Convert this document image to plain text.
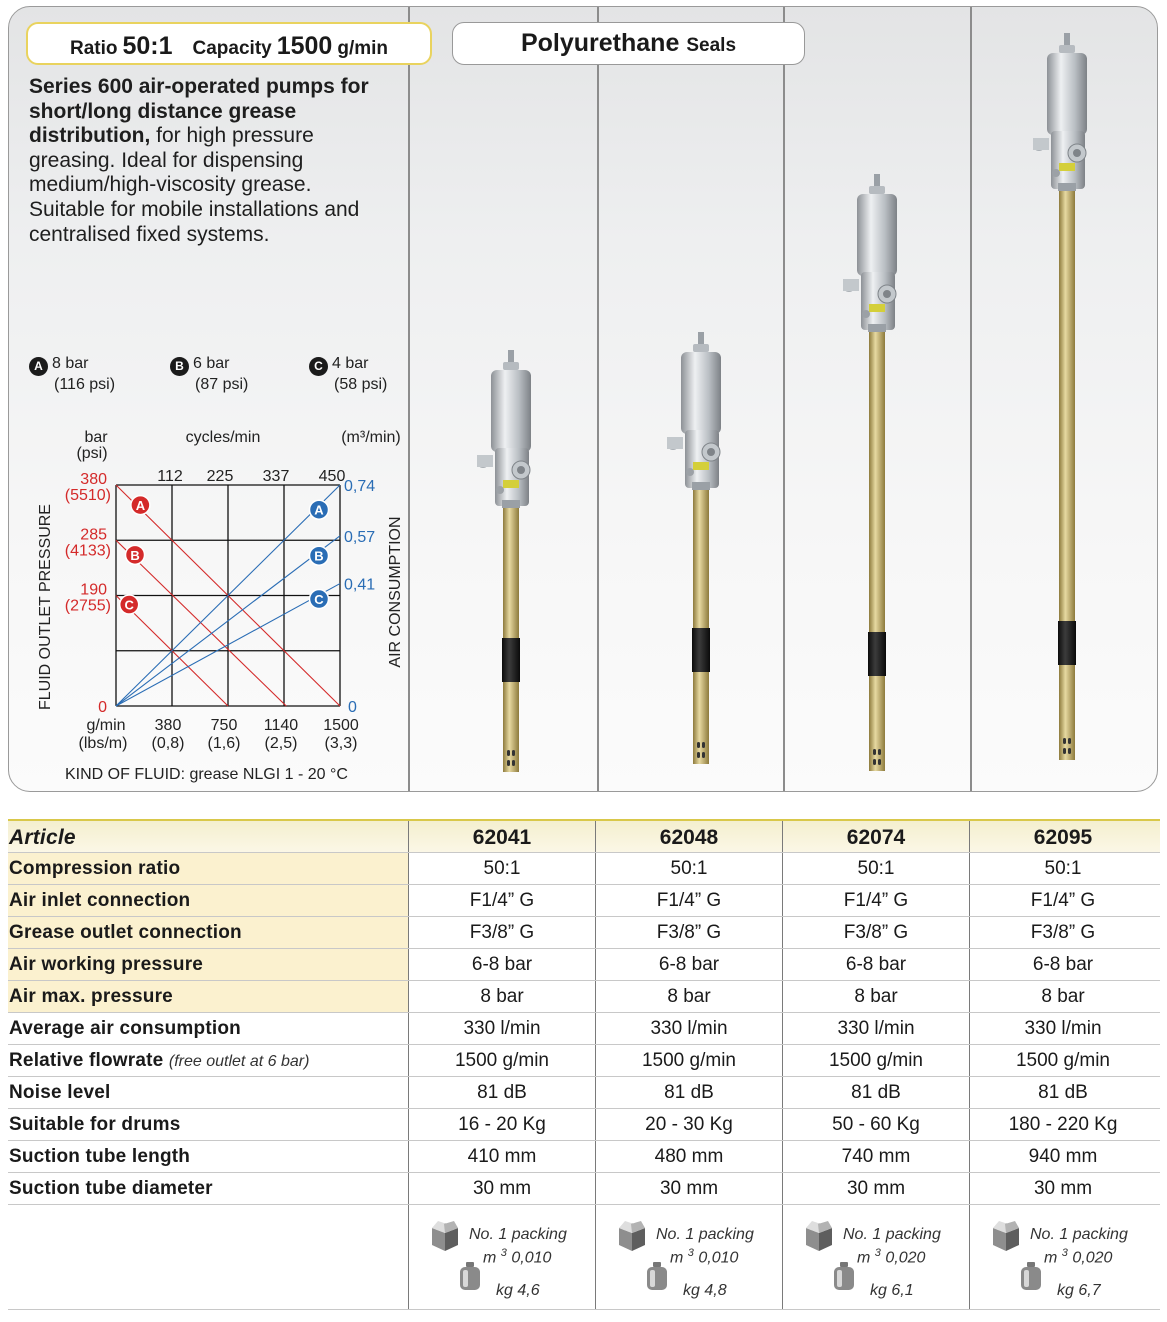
Ratio 50:1 Capacity 1500 g/min	Polyurethane Seals
Series 600 air-operated pumps for short/long distance grease distribution, for high pressure greasing. Ideal for dispensing medium/high-viscosity grease. Suitable for mobile installations and centralised fixed systems.
A 8 bar
(116 psi)
B 6 bar
(87 psi)
C 4 bar
(58 psi)
112 225 337 450
380
(0,8)
750
(1,6)
1140
(2,5)
1500
(3,3)
380
(5510)
285
(4133)
190
(2755)
0
0,74
0,57
0,41
0
A
B
C
A
B
C
bar
(psi)
cycles/min	(m³/min)
FLUID OUTLET PRESSURE	AIR CONSUMPTION
g/min
(lbs/m)
KIND OF FLUID: grease NLGI 1 - 20 °C
Article	62041	62048	62074	62095
Compression ratio	50:1	50:1	50:1	50:1
Air inlet connection	F1/4” G	F1/4” G	F1/4” G	F1/4” G
Grease outlet connection	F3/8” G	F3/8” G	F3/8” G	F3/8” G
Air working pressure	6-8 bar	6-8 bar	6-8 bar	6-8 bar
Air max. pressure	8 bar	8 bar	8 bar	8 bar
Average air consumption	330 l/min	330 l/min	330 l/min	330 l/min
Relative flowrate (free outlet at 6 bar)	1500 g/min	1500 g/min	1500 g/min	1500 g/min
Noise level	81 dB	81 dB	81 dB	81 dB
Suitable for drums	16 - 20 Kg	20 - 30 Kg	50 - 60 Kg	180 - 220 Kg
Suction tube length	410 mm	480 mm	740 mm	940 mm
Suction tube diameter	30 mm	30 mm	30 mm	30 mm
No. 1 packing
m $^3$ 0,010
kg 4,6
No. 1 packing
m $^3$ 0,010
kg 4,8
No. 1 packing
m $^3$ 0,020
kg 6,1
No. 1 packing
m $^3$ 0,020
kg 6,7
